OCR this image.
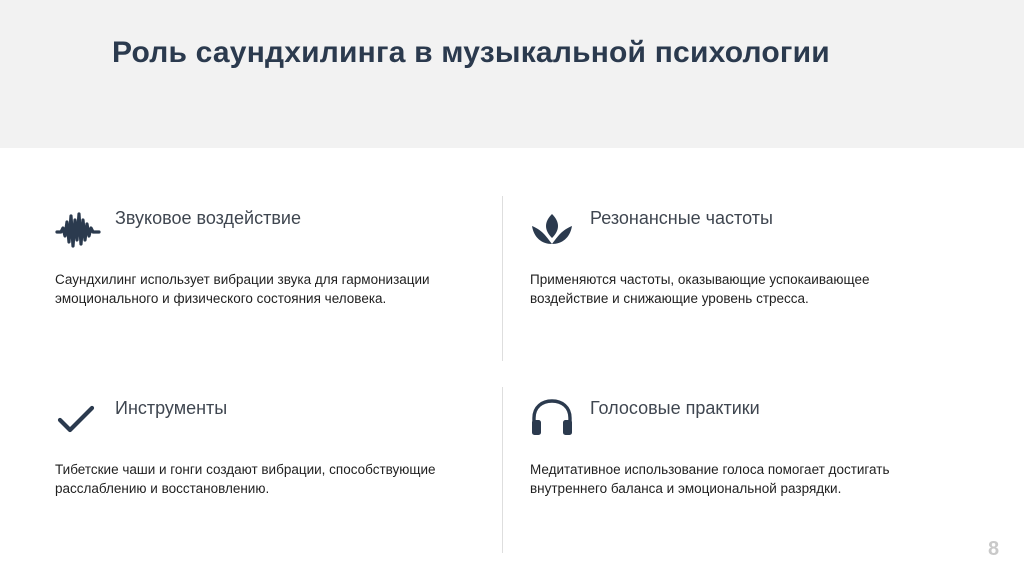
Роль саундхилинга в музыкальной психологии
Звуковое воздействие
Саундхилинг использует вибрации звука для гармонизации эмоционального и физического состояния человека.
Резонансные частоты
Применяются частоты, оказывающие успокаивающее воздействие и снижающие уровень стресса.
Инструменты
Тибетские чаши и гонги создают вибрации, способствующие расслаблению и восстановлению.
Голосовые практики
Медитативное использование голоса помогает достигать внутреннего баланса и эмоциональной разрядки.
8
